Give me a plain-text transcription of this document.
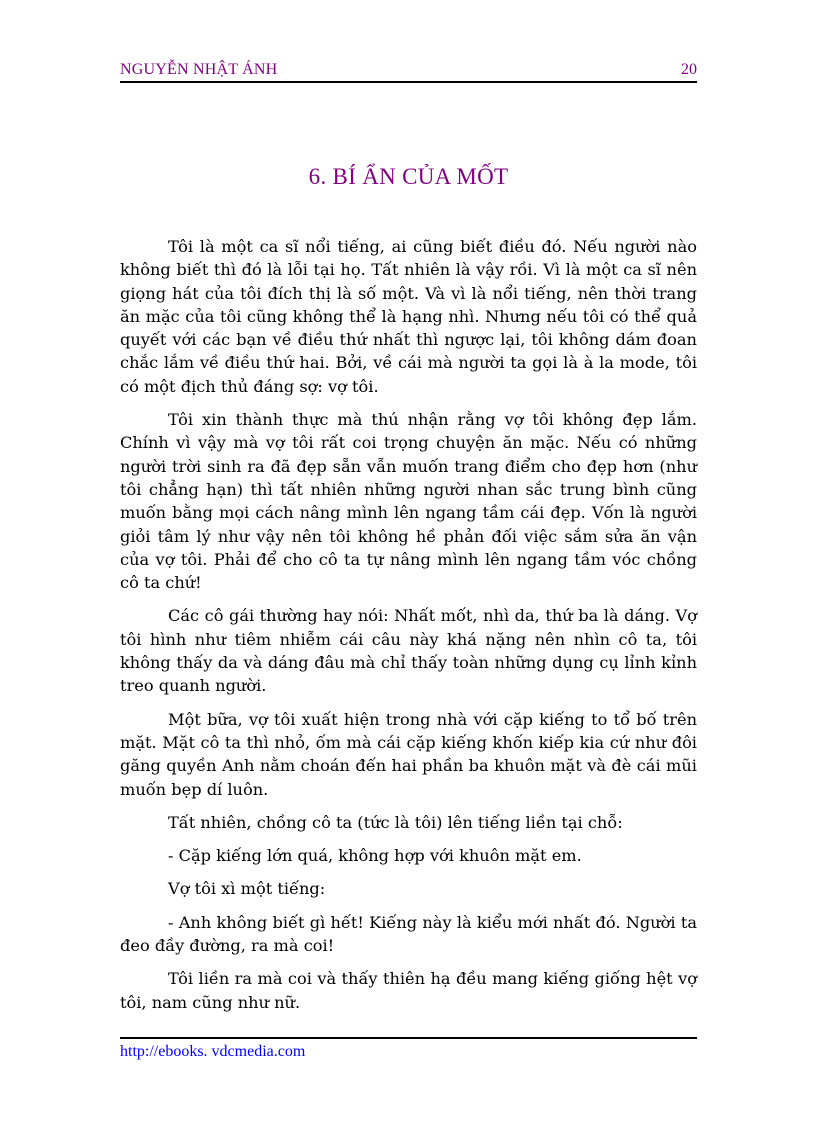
NGUYỄN NHẬT ÁNH	20
6. BÍ ẨN CỦA MỐT

Tôi là một ca sĩ nổi tiếng, ai cũng biết điều đó. Nếu người nào không biết thì đó là lỗi tại họ. Tất nhiên là vậy rồi. Vì là một ca sĩ nên giọng hát của tôi đích thị là số một. Và vì là nổi tiếng, nên thời trang ăn mặc của tôi cũng không thể là hạng nhì. Nhưng nếu tôi có thể quả quyết với các bạn về điều thứ nhất thì ngược lại, tôi không dám đoan chắc lắm về điều thứ hai. Bởi, về cái mà người ta gọi là à la mode, tôi có một địch thủ đáng sợ: vợ tôi.

Tôi xin thành thực mà thú nhận rằng vợ tôi không đẹp lắm. Chính vì vậy mà vợ tôi rất coi trọng chuyện ăn mặc. Nếu có những người trời sinh ra đã đẹp sẵn vẫn muốn trang điểm cho đẹp hơn (như tôi chẳng hạn) thì tất nhiên những người nhan sắc trung bình cũng muốn bằng mọi cách nâng mình lên ngang tầm cái đẹp. Vốn là người giỏi tâm lý như vậy nên tôi không hề phản đối việc sắm sửa ăn vận của vợ tôi. Phải để cho cô ta tự nâng mình lên ngang tầm vóc chồng cô ta chứ!

Các cô gái thường hay nói: Nhất mốt, nhì da, thứ ba là dáng. Vợ tôi hình như tiêm nhiễm cái câu này khá nặng nên nhìn cô ta, tôi không thấy da và dáng đâu mà chỉ thấy toàn những dụng cụ lỉnh kỉnh treo quanh người.

Một bữa, vợ tôi xuất hiện trong nhà với cặp kiếng to tổ bố trên mặt. Mặt cô ta thì nhỏ, ốm mà cái cặp kiếng khốn kiếp kia cứ như đôi găng quyền Anh nằm choán đến hai phần ba khuôn mặt và đè cái mũi muốn bẹp dí luôn.

Tất nhiên, chồng cô ta (tức là tôi) lên tiếng liền tại chỗ:

- Cặp kiếng lớn quá, không hợp với khuôn mặt em.

Vợ tôi xì một tiếng:

- Anh không biết gì hết! Kiếng này là kiểu mới nhất đó. Người ta đeo đầy đường, ra mà coi!

Tôi liền ra mà coi và thấy thiên hạ đều mang kiếng giống hệt vợ tôi, nam cũng như nữ.

http://ebooks. vdcmedia.com
